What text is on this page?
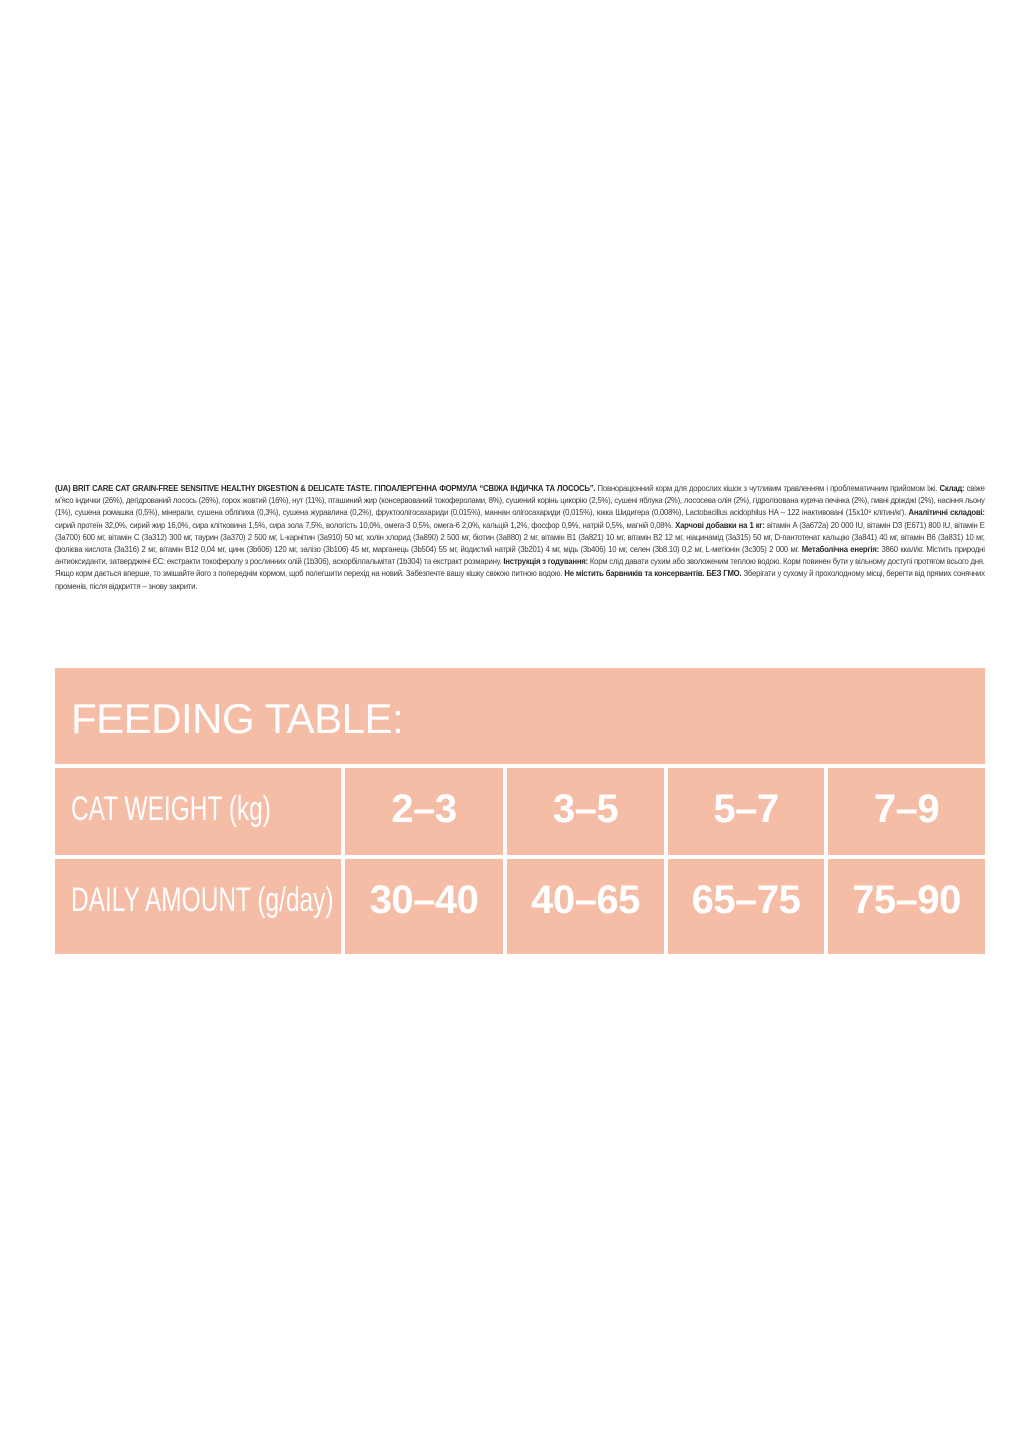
(UA) BRIT CARE CAT GRAIN-FREE SENSITIVE HEALTHY DIGESTION & DELICATE TASTE. ГІПОАЛЕРГЕННА ФОРМУЛА “СВІЖА ІНДИЧКА ТА ЛОСОСЬ”. Повнораціонний корм для дорослих кішок з чутливим травленням і проблематичним прийомом їжі. Склад: свіже м’ясо індички (26%), дегідрований лосось (26%), горох жовтий (16%), нут (11%), пташиний жир (консервований токоферолами, 8%), сушений корінь цикорію (2,5%), сушені яблука (2%), лососева олія (2%), гідролізована куряча печінка (2%), пивні дріжджі (2%), насіння льону (1%), сушена ромашка (0,5%), мінерали, сушена обліпиха (0,3%), сушена журавлина (0,2%), фруктоолігосахариди (0,015%), маннан олігосахариди (0,015%), юкка Шидигера (0,008%), Lactobacillus acidophilus HA – 122 інактивовані (15x10⁹ клітин/кг). Аналітичні складові: сирий протеїн 32,0%, сирий жир 16,0%, сира клітковина 1,5%, сира зола 7,5%, вологість 10,0%, омега-3 0,5%, омега-6 2,0%, кальцій 1,2%, фосфор 0,9%, натрій 0,5%, магній 0,08%. Харчові добавки на 1 кг: вітамін A (3a672a) 20 000 IU, вітамін D3 (E671) 800 IU, вітамін E (3a700) 600 мг, вітамін C (3a312) 300 мг, таурин (3a370) 2 500 мг, L-карнітин (3a910) 50 мг, холін хлорид (3a890) 2 500 мг, біотин (3a880) 2 мг, вітамін B1 (3a821) 10 мг, вітамін B2 12 мг, ніацинамід (3a315) 50 мг, D-пантотенат кальцію (3a841) 40 мг, вітамін B6 (3a831) 10 мг, фолієва кислота (3a316) 2 мг, вітамін B12 0,04 мг, цинк (3b606) 120 мг, залізо (3b106) 45 мг, марганець (3b504) 55 мг, йодистий натрій (3b201) 4 мг, мідь (3b406) 10 мг, селен (3b8.10) 0,2 мг, L-метіонін (3c305) 2 000 мг. Метаболічна енергія: 3860 ккал/кг. Містить природні антиоксиданти, затверджені ЄС: екстракти токоферолу з рослинних олій (1b306), аскорбілпальмітат (1b304) та екстракт розмарину. Інструкція з годування: Корм слід давати сухим або зволоженим теплою водою. Корм повинен бути у вільному доступі протягом всього дня. Якщо корм дається вперше, то змішайте його з попереднім кормом, щоб полегшити перехід на новий. Забезпечте вашу кішку свіжою питною водою. Не містить барвників та консервантів. БЕЗ ГМО. Зберігати у сухому й прохолодному місці, берегти від прямих сонячних променів, після відкриття – знову закрити.
FEEDING TABLE:
CAT WEIGHT (kg)	2–3	3–5	5–7	7–9
DAILY AMOUNT (g/day) 30–40	40–65	65–75	75–90
